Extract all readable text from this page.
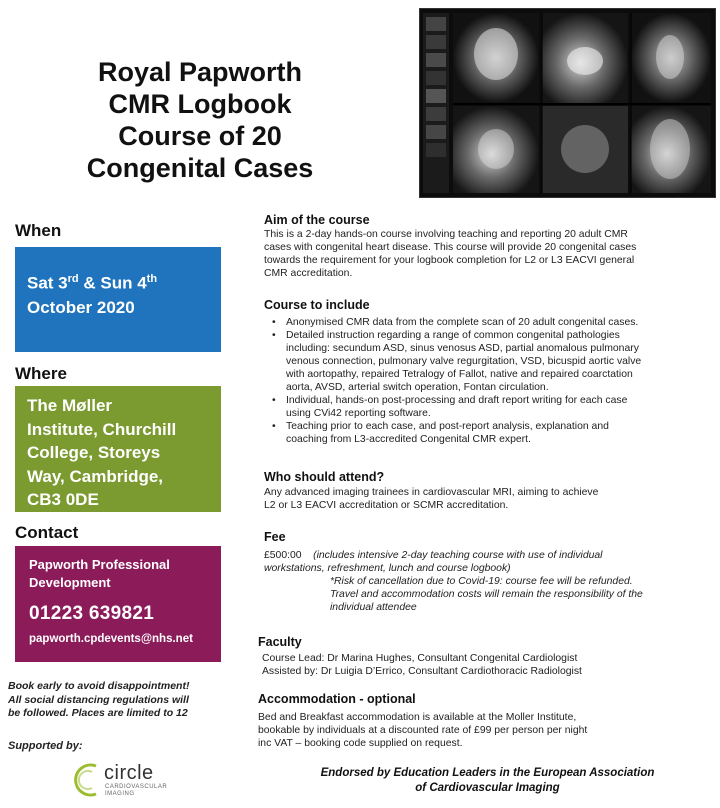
Royal Papworth
CMR Logbook
Course of 20
Congenital Cases
When
Sat 3rd & Sun 4th
October 2020
Where
The Møller
Institute, Churchill
College, Storeys
Way, Cambridge,
CB3 0DE
Contact
Papworth Professional
Development
01223 639821
papworth.cpdevents@nhs.net
Book early to avoid disappointment!
All social distancing regulations will
be followed. Places are limited to 12
Supported by:
circle
CARDIOVASCULAR
IMAGING
Aim of the course
This is a 2-day hands-on course involving teaching and reporting 20 adult CMR
cases with congenital heart disease. This course will provide 20 congenital cases
towards the requirement for your logbook completion for L2 or L3 EACVI general
CMR accreditation.
Course to include
• Anonymised CMR data from the complete scan of 20 adult congenital cases.
• Detailed instruction regarding a range of common congenital pathologies
including: secundum ASD, sinus venosus ASD, partial anomalous pulmonary
venous connection, pulmonary valve regurgitation, VSD, bicuspid aortic valve
with aortopathy, repaired Tetralogy of Fallot, native and repaired coarctation
aorta, AVSD, arterial switch operation, Fontan circulation.
• Individual, hands-on post-processing and draft report writing for each case
using CVi42 reporting software.
• Teaching prior to each case, and post-report analysis, explanation and
coaching from L3-accredited Congenital CMR expert.
Who should attend?
Any advanced imaging trainees in cardiovascular MRI, aiming to achieve
L2 or L3 EACVI accreditation or SCMR accreditation.
Fee
£500:00 (includes intensive 2-day teaching course with use of individual
workstations, refreshment, lunch and course logbook)
*Risk of cancellation due to Covid-19: course fee will be refunded.
Travel and accommodation costs will remain the responsibility of the
individual attendee
Faculty
Course Lead: Dr Marina Hughes, Consultant Congenital Cardiologist
Assisted by: Dr Luigia D’Errico, Consultant Cardiothoracic Radiologist
Accommodation - optional
Bed and Breakfast accommodation is available at the Moller Institute,
bookable by individuals at a discounted rate of £99 per person per night
inc VAT – booking code supplied on request.
Endorsed by Education Leaders in the European Association
of Cardiovascular Imaging
